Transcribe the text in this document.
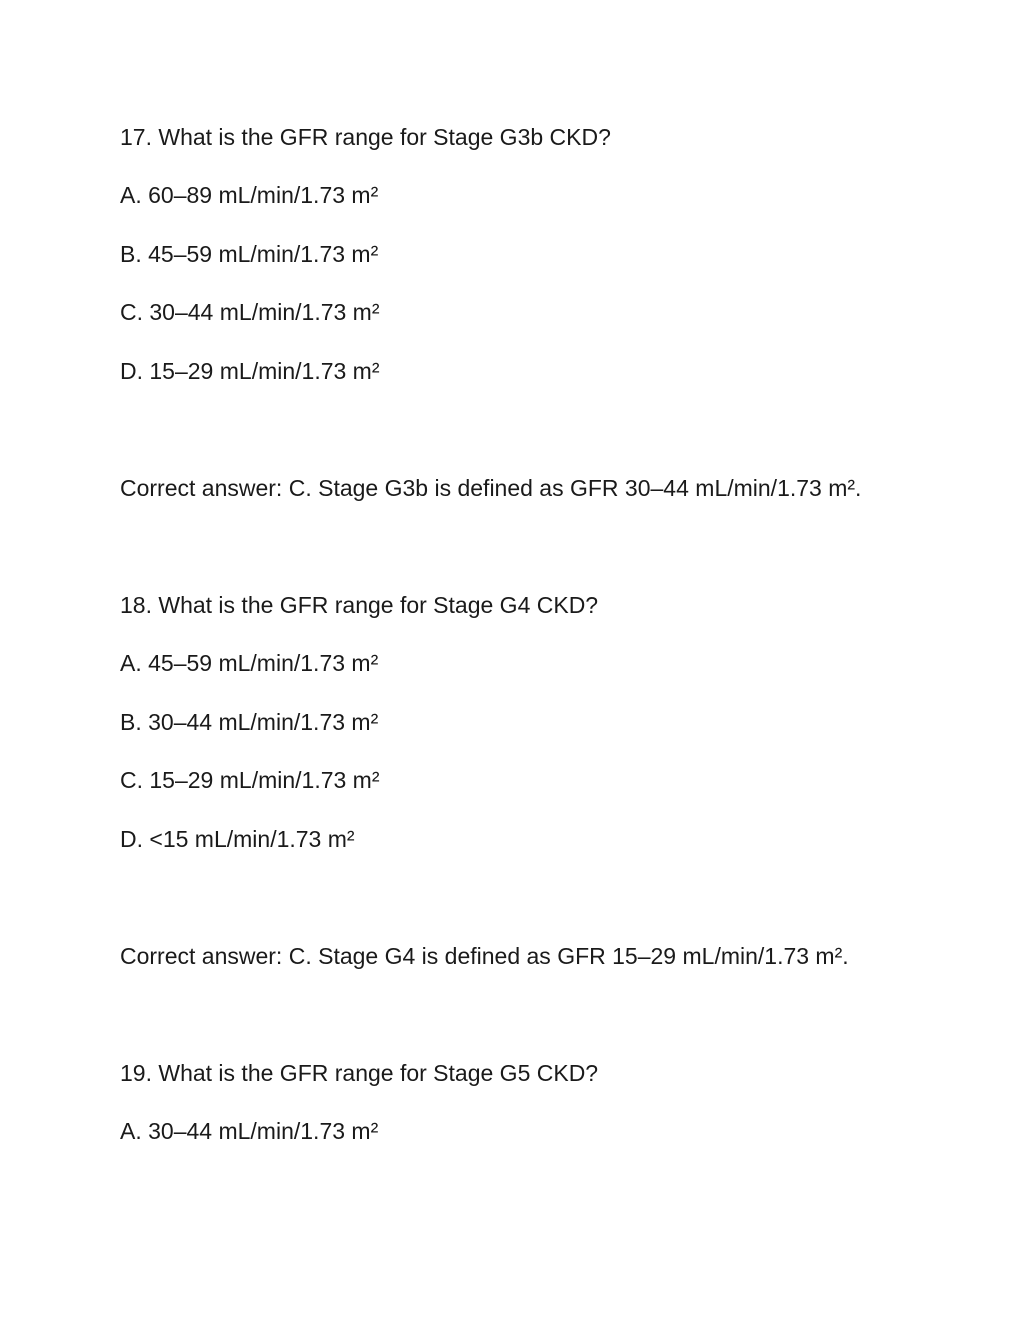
17. What is the GFR range for Stage G3b CKD?
A. 60–89 mL/min/1.73 m²
B. 45–59 mL/min/1.73 m²
C. 30–44 mL/min/1.73 m²
D. 15–29 mL/min/1.73 m²
Correct answer: C. Stage G3b is defined as GFR 30–44 mL/min/1.73 m².
18. What is the GFR range for Stage G4 CKD?
A. 45–59 mL/min/1.73 m²
B. 30–44 mL/min/1.73 m²
C. 15–29 mL/min/1.73 m²
D. <15 mL/min/1.73 m²
Correct answer: C. Stage G4 is defined as GFR 15–29 mL/min/1.73 m².
19. What is the GFR range for Stage G5 CKD?
A. 30–44 mL/min/1.73 m²
